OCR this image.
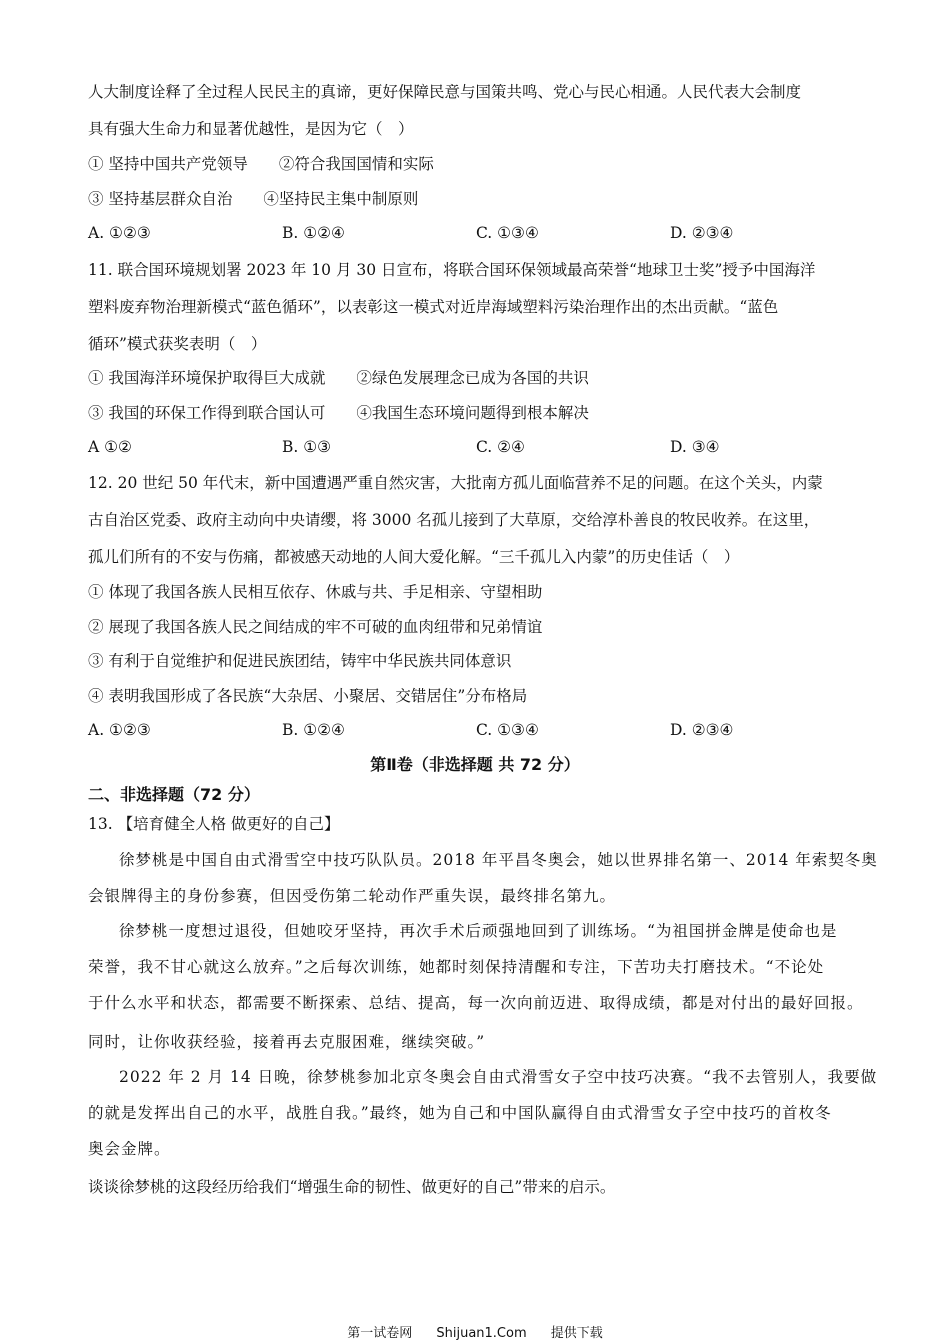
人大制度诠释了全过程人民民主的真谛，更好保障民意与国策共鸣、党心与民心相通。人民代表大会制度
具有强大生命力和显著优越性，是因为它（　）
① 坚持中国共产党领导　　②符合我国国情和实际
③ 坚持基层群众自治　　④坚持民主集中制原则
A. ①②③	B. ①②④	C. ①③④	D. ②③④
11. 联合国环境规划署 2023 年 10 月 30 日宣布，将联合国环保领域最高荣誉“地球卫士奖”授予中国海洋
塑料废弃物治理新模式“蓝色循环”，以表彰这一模式对近岸海域塑料污染治理作出的杰出贡献。“蓝色
循环”模式获奖表明（　）
① 我国海洋环境保护取得巨大成就　　②绿色发展理念已成为各国的共识
③ 我国的环保工作得到联合国认可　　④我国生态环境问题得到根本解决
A ①②	B. ①③	C. ②④	D. ③④
12. 20 世纪 50 年代末，新中国遭遇严重自然灾害，大批南方孤儿面临营养不足的问题。在这个关头，内蒙
古自治区党委、政府主动向中央请缨，将 3000 名孤儿接到了大草原，交给淳朴善良的牧民收养。在这里，
孤儿们所有的不安与伤痛，都被感天动地的人间大爱化解。“三千孤儿入内蒙”的历史佳话（　）
① 体现了我国各族人民相互依存、休戚与共、手足相亲、守望相助
② 展现了我国各族人民之间结成的牢不可破的血肉纽带和兄弟情谊
③ 有利于自觉维护和促进民族团结，铸牢中华民族共同体意识
④ 表明我国形成了各民族“大杂居、小聚居、交错居住”分布格局
A. ①②③	B. ①②④	C. ①③④	D. ②③④
第Ⅱ卷（非选择题 共 72 分）
二、非选择题（72 分）
13. 【培育健全人格 做更好的自己】
徐梦桃是中国自由式滑雪空中技巧队队员。2018 年平昌冬奥会，她以世界排名第一、2014 年索契冬奥
会银牌得主的身份参赛，但因受伤第二轮动作严重失误，最终排名第九。
徐梦桃一度想过退役，但她咬牙坚持，再次手术后顽强地回到了训练场。“为祖国拼金牌是使命也是
荣誉，我不甘心就这么放弃。”之后每次训练，她都时刻保持清醒和专注，下苦功夫打磨技术。“不论处
于什么水平和状态，都需要不断探索、总结、提高，每一次向前迈进、取得成绩，都是对付出的最好回报。
同时，让你收获经验，接着再去克服困难，继续突破。”
2022 年 2 月 14 日晚，徐梦桃参加北京冬奥会自由式滑雪女子空中技巧决赛。“我不去管别人，我要做
的就是发挥出自己的水平，战胜自我。”最终，她为自己和中国队赢得自由式滑雪女子空中技巧的首枚冬
奥会金牌。
谈谈徐梦桃的这段经历给我们“增强生命的韧性、做更好的自己”带来的启示。
第一试卷网 Shijuan1.Com 提供下载
